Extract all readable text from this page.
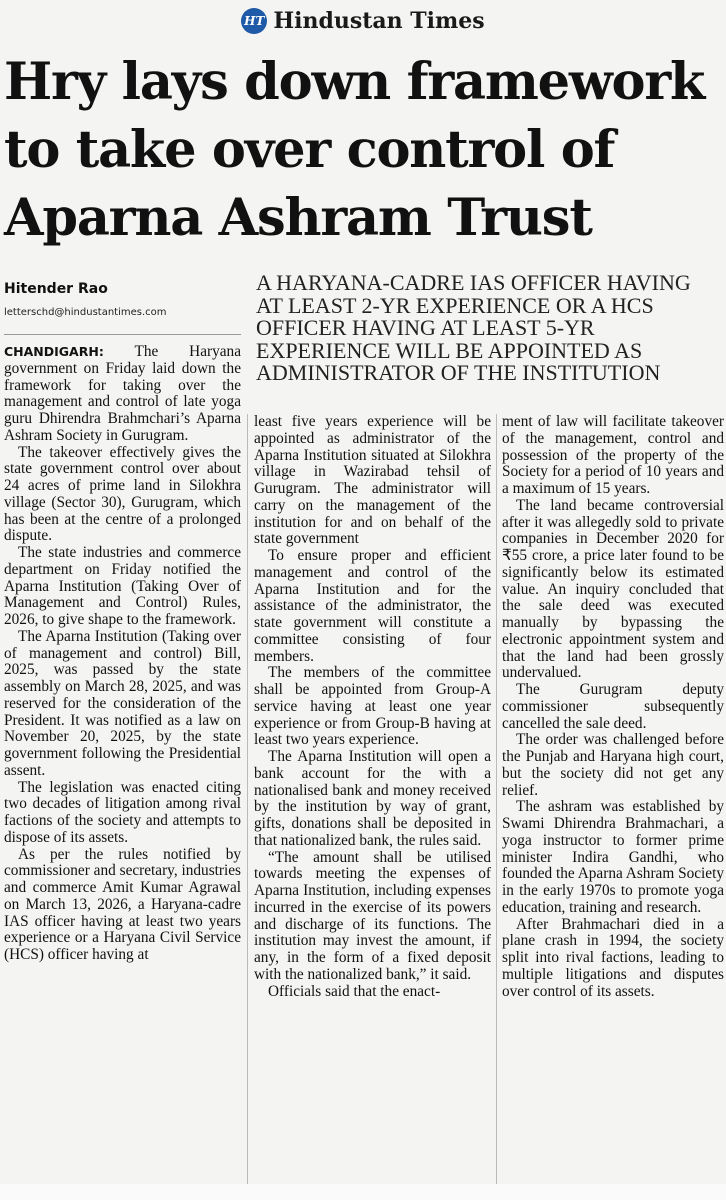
HT Hindustan Times
Hry lays down framework
to take over control of
Aparna Ashram Trust
Hitender Rao
letterschd@hindustantimes.com
A HARYANA-CADRE IAS OFFICER HAVING
AT LEAST 2-YR EXPERIENCE OR A HCS
OFFICER HAVING AT LEAST 5-YR
EXPERIENCE WILL BE APPOINTED AS
ADMINISTRATOR OF THE INSTITUTION

CHANDIGARH: The Haryana government on Friday laid down the framework for taking over the management and control of late yoga guru Dhirendra Brahmchari’s Aparna Ashram Society in Gurugram.

The takeover effectively gives the state government control over about 24 acres of prime land in Silokhra village (Sector 30), Gurugram, which has been at the centre of a prolonged dispute.

The state industries and commerce department on Friday notified the Aparna Institution (Taking Over of Management and Control) Rules, 2026, to give shape to the framework.

The Aparna Institution (Taking over of management and control) Bill, 2025, was passed by the state assembly on March 28, 2025, and was reserved for the consideration of the President. It was notified as a law on November 20, 2025, by the state government following the Presidential assent.

The legislation was enacted citing two decades of litigation among rival factions of the society and attempts to dispose of its assets.

As per the rules notified by commissioner and secretary, industries and commerce Amit Kumar Agrawal on March 13, 2026, a Haryana-cadre IAS officer having at least two years experience or a Haryana Civil Service (HCS) officer having at

least five years experience will be appointed as administrator of the Aparna Institution situated at Silokhra village in Wazirabad tehsil of Gurugram. The administrator will carry on the management of the institution for and on behalf of the state government

To ensure proper and efficient management and control of the Aparna Institution and for the assistance of the administrator, the state government will constitute a committee consisting of four members.

The members of the committee shall be appointed from Group-A service having at least one year experience or from Group-B having at least two years experience.

The Aparna Institution will open a bank account for the with a nationalised bank and money received by the institution by way of grant, gifts, donations shall be deposited in that nationalized bank, the rules said.

“The amount shall be utilised towards meeting the expenses of Aparna Institution, including expenses incurred in the exercise of its powers and discharge of its functions. The institution may invest the amount, if any, in the form of a fixed deposit with the nationalized bank,” it said.

Officials said that the enact-

ment of law will facilitate takeover of the management, control and possession of the property of the Society for a period of 10 years and a maximum of 15 years.

The land became controversial after it was allegedly sold to private companies in December 2020 for ₹55 crore, a price later found to be significantly below its estimated value. An inquiry concluded that the sale deed was executed manually by bypassing the electronic appointment system and that the land had been grossly undervalued.

The Gurugram deputy commissioner subsequently cancelled the sale deed.

The order was challenged before the Punjab and Haryana high court, but the society did not get any relief.

The ashram was established by Swami Dhirendra Brahmachari, a yoga instructor to former prime minister Indira Gandhi, who founded the Aparna Ashram Society in the early 1970s to promote yoga education, training and research.

After Brahmachari died in a plane crash in 1994, the society split into rival factions, leading to multiple litigations and disputes over control of its assets.
